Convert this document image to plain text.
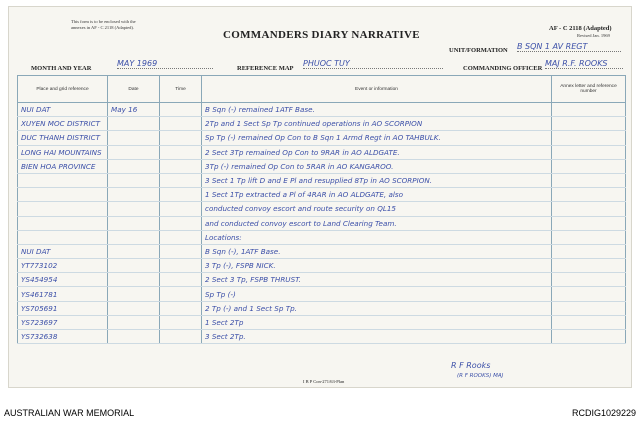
This form is to be enclosed with the
annexes in AF - C 2118 (Adapted).
COMMANDERS DIARY NARRATIVE
AF - C 2118 (Adapted)
Revised Jan. 1969
UNIT/FORMATION B SQN 1 AV REGT
MONTH AND YEAR
MAY 1969
REFERENCE MAP
PHUOC TUY
COMMANDING OFFICER
MAJ R.F. ROOKS
Place and grid reference	Date	Time	Event or information	Annex letter and reference number
NUI DAT	May 16		B Sqn (-) remained 1ATF Base.	
XUYEN MOC DISTRICT			2Tp and 1 Sect Sp Tp continued operations in AO SCORPION	
DUC THANH DISTRICT			Sp Tp (-) remained Op Con to B Sqn 1 Armd Regt in AO TAHBULK.	
LONG HAI MOUNTAINS			2 Sect 3Tp remained Op Con to 9RAR in AO ALDGATE.	
BIEN HOA PROVINCE			3Tp (-) remained Op Con to 5RAR in AO KANGAROO.	
			3 Sect 1 Tp lift D and E Pl and resupplied 8Tp in AO SCORPION.	
			1 Sect 1Tp extracted a Pl of 4RAR in AO ALDGATE, also	
			conducted convoy escort and route security on QL15	
			and conducted convoy escort to Land Clearing Team.	
			Locations:	
NUI DAT			B Sqn (-), 1ATF Base.	
YT773102			3 Tp (-), FSPB NICK.	
YS454954			2 Sect 3 Tp, FSPB THRUST.	
YS461781			Sp Tp (-)	
YS705691			2 Tp (-) and 1 Sect Sp Tp.	
YS723697			1 Sect 2Tp	
YS732638			3 Sect 2Tp.	
R F Rooks
(R F ROOKS) MAJ
I B P Con-271/63-Plan
AUSTRALIAN WAR MEMORIAL	RCDIG1029229
